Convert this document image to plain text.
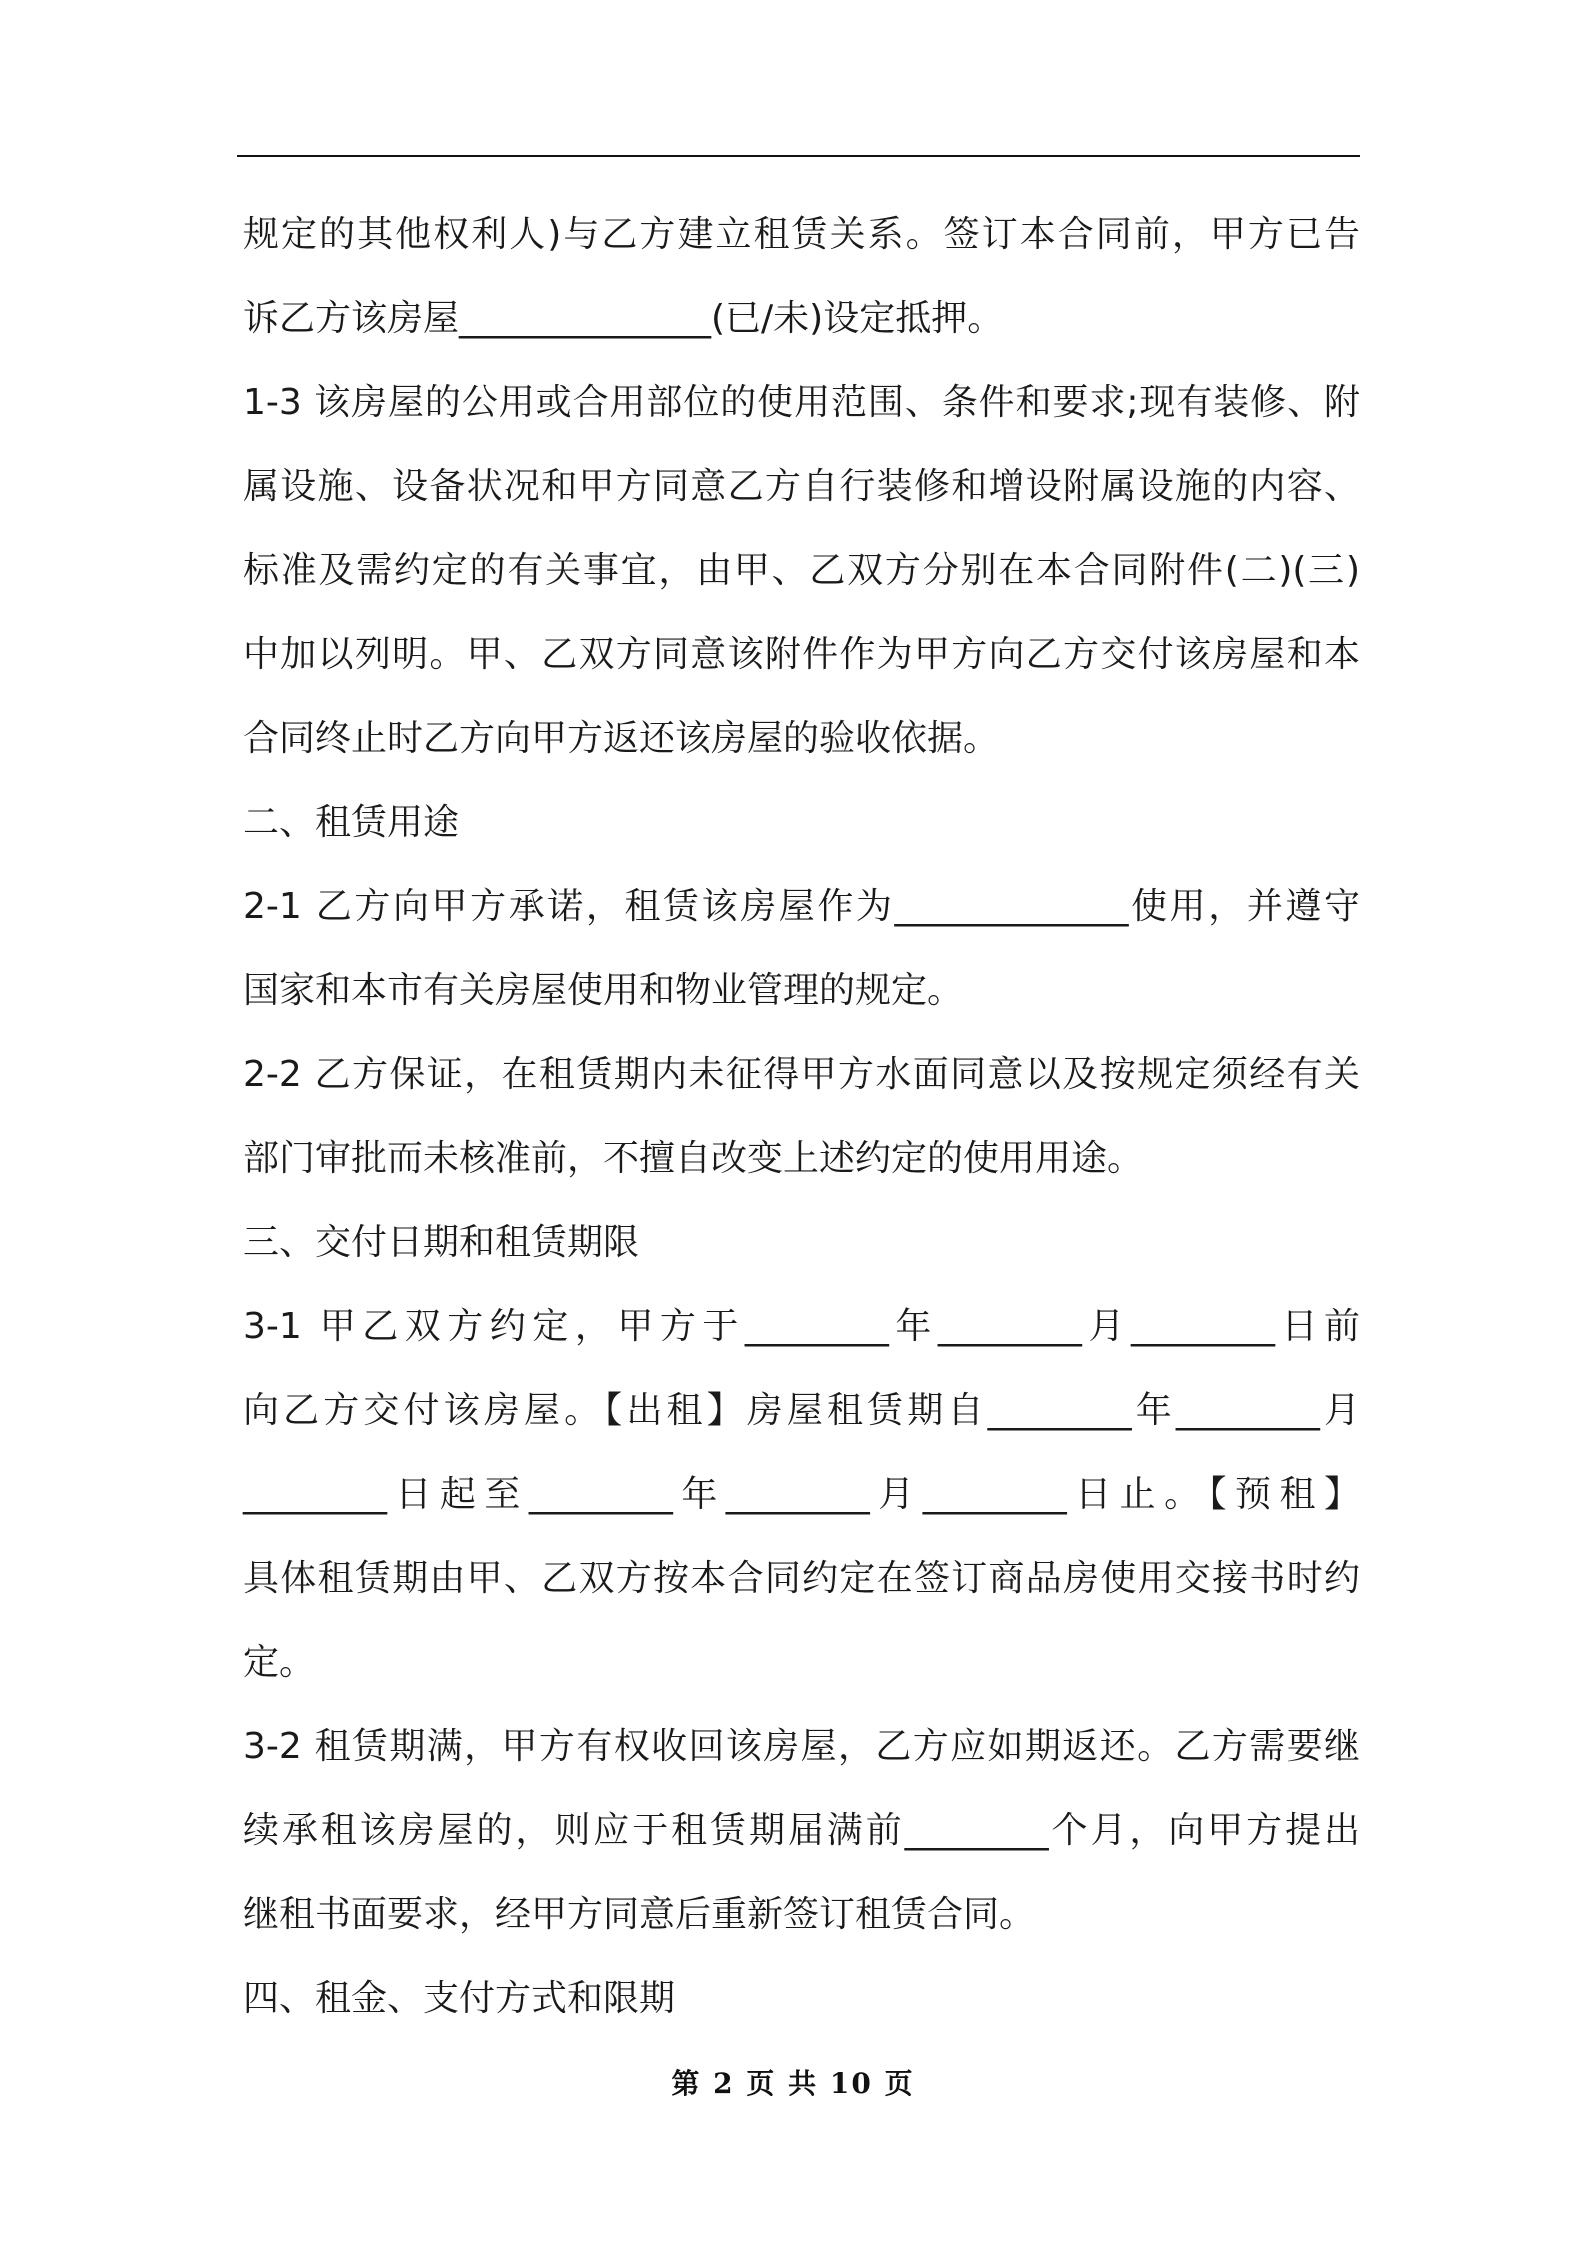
规定的其他权利人)与乙方建立租赁关系。签订本合同前，甲方已告
诉乙方该房屋______________(已/未)设定抵押。
1-3 该房屋的公用或合用部位的使用范围、条件和要求;现有装修、附
属设施、设备状况和甲方同意乙方自行装修和增设附属设施的内容、
标准及需约定的有关事宜，由甲、乙双方分别在本合同附件(二)(三)
中加以列明。甲、乙双方同意该附件作为甲方向乙方交付该房屋和本
合同终止时乙方向甲方返还该房屋的验收依据。
二、租赁用途
2-1 乙方向甲方承诺，租赁该房屋作为_____________使用，并遵守
国家和本市有关房屋使用和物业管理的规定。
2-2 乙方保证，在租赁期内未征得甲方水面同意以及按规定须经有关
部门审批而未核准前，不擅自改变上述约定的使用用途。
三、交付日期和租赁期限
3-1 甲乙双方约定，甲方于________年________月________日前
向乙方交付该房屋。【出租】房屋租赁期自________年________月
________日起至________年________月________日止。【预租】
具体租赁期由甲、乙双方按本合同约定在签订商品房使用交接书时约
定。
3-2 租赁期满，甲方有权收回该房屋，乙方应如期返还。乙方需要继
续承租该房屋的，则应于租赁期届满前________个月，向甲方提出
继租书面要求，经甲方同意后重新签订租赁合同。
四、租金、支付方式和限期
第 2 页 共 10 页
